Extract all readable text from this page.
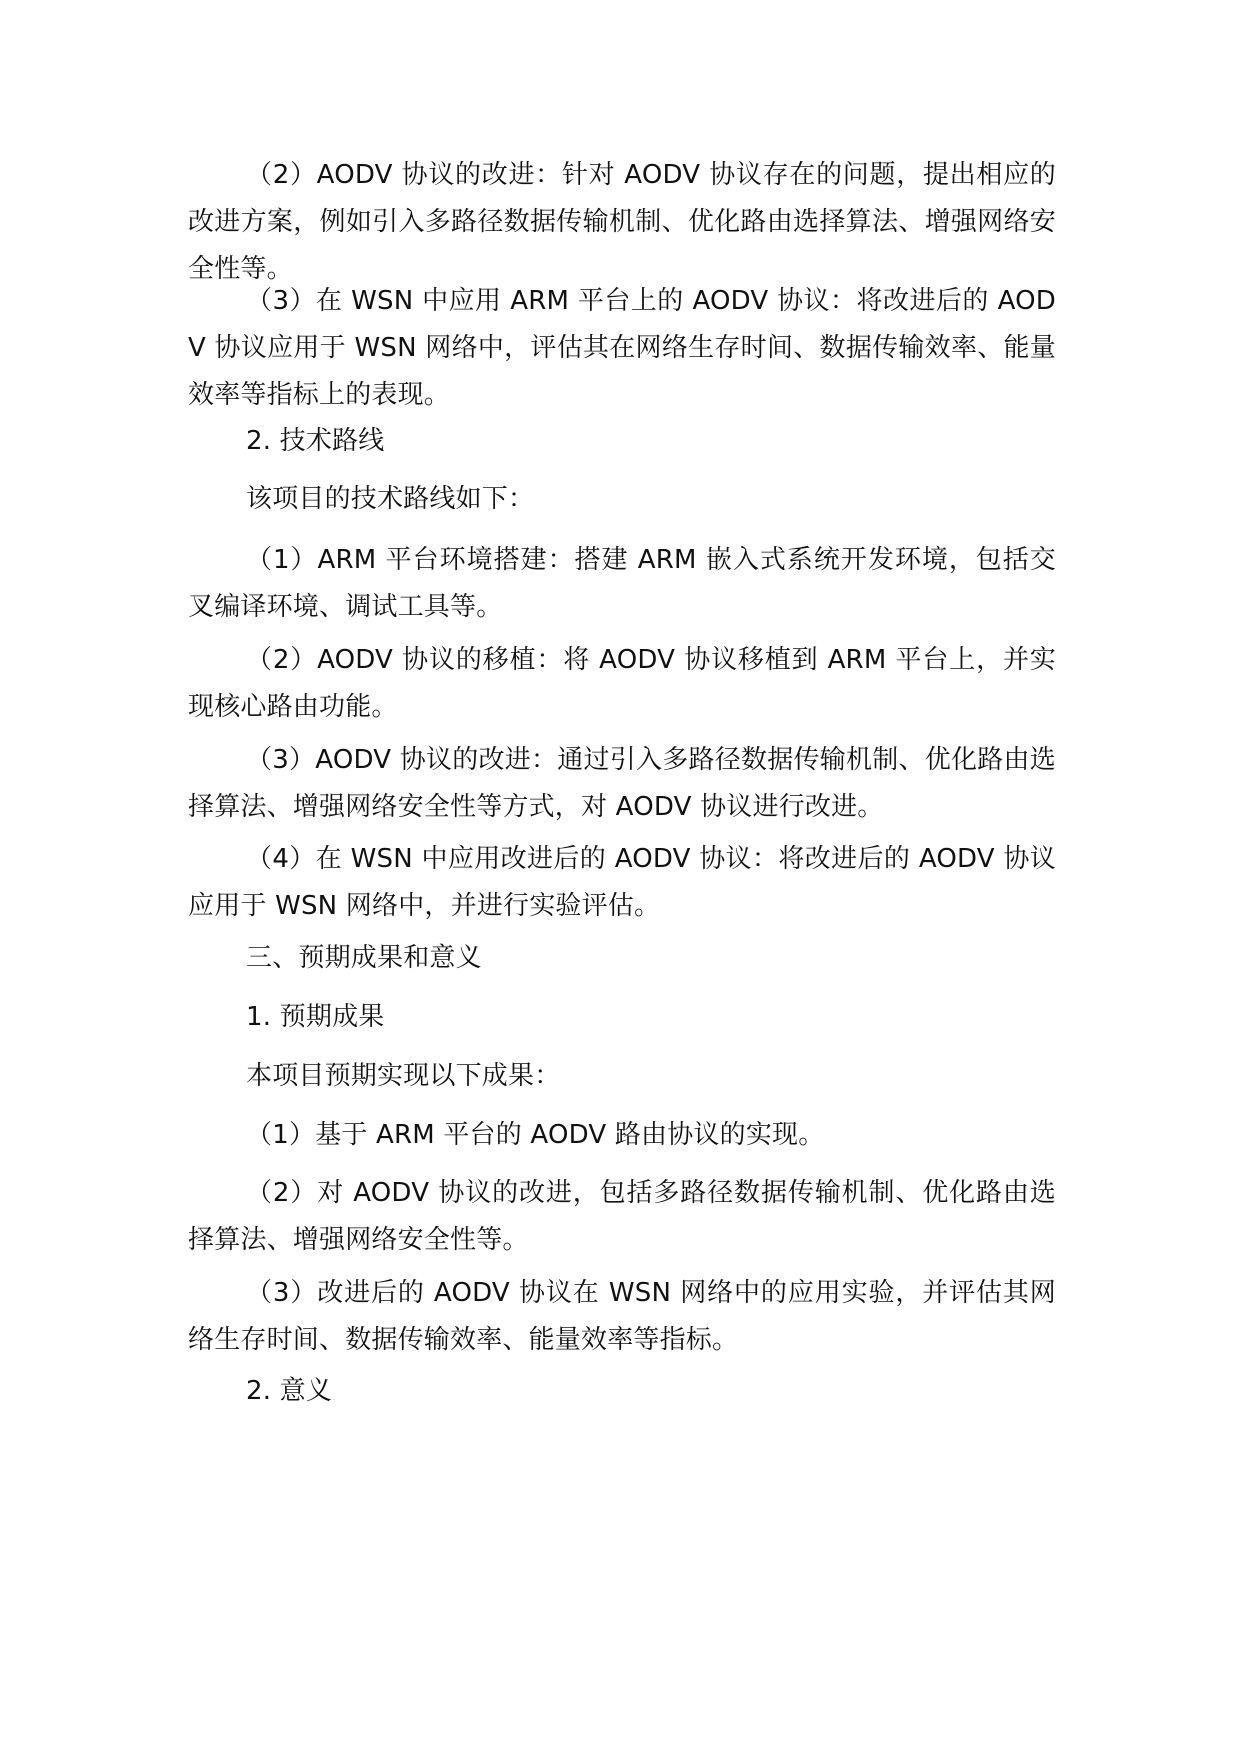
（2）AODV 协议的改进：针对 AODV 协议存在的问题，提出相应的改进方案，例如引入多路径数据传输机制、优化路由选择算法、增强网络安全性等。

（3）在 WSN 中应用 ARM 平台上的 AODV 协议：将改进后的 AODV 协议应用于 WSN 网络中，评估其在网络生存时间、数据传输效率、能量效率等指标上的表现。

2. 技术路线

该项目的技术路线如下：

（1）ARM 平台环境搭建：搭建 ARM 嵌入式系统开发环境，包括交叉编译环境、调试工具等。

（2）AODV 协议的移植：将 AODV 协议移植到 ARM 平台上，并实现核心路由功能。

（3）AODV 协议的改进：通过引入多路径数据传输机制、优化路由选择算法、增强网络安全性等方式，对 AODV 协议进行改进。

（4）在 WSN 中应用改进后的 AODV 协议：将改进后的 AODV 协议应用于 WSN 网络中，并进行实验评估。

三、预期成果和意义

1. 预期成果

本项目预期实现以下成果：

（1）基于 ARM 平台的 AODV 路由协议的实现。

（2）对 AODV 协议的改进，包括多路径数据传输机制、优化路由选择算法、增强网络安全性等。

（3）改进后的 AODV 协议在 WSN 网络中的应用实验，并评估其网络生存时间、数据传输效率、能量效率等指标。

2. 意义
